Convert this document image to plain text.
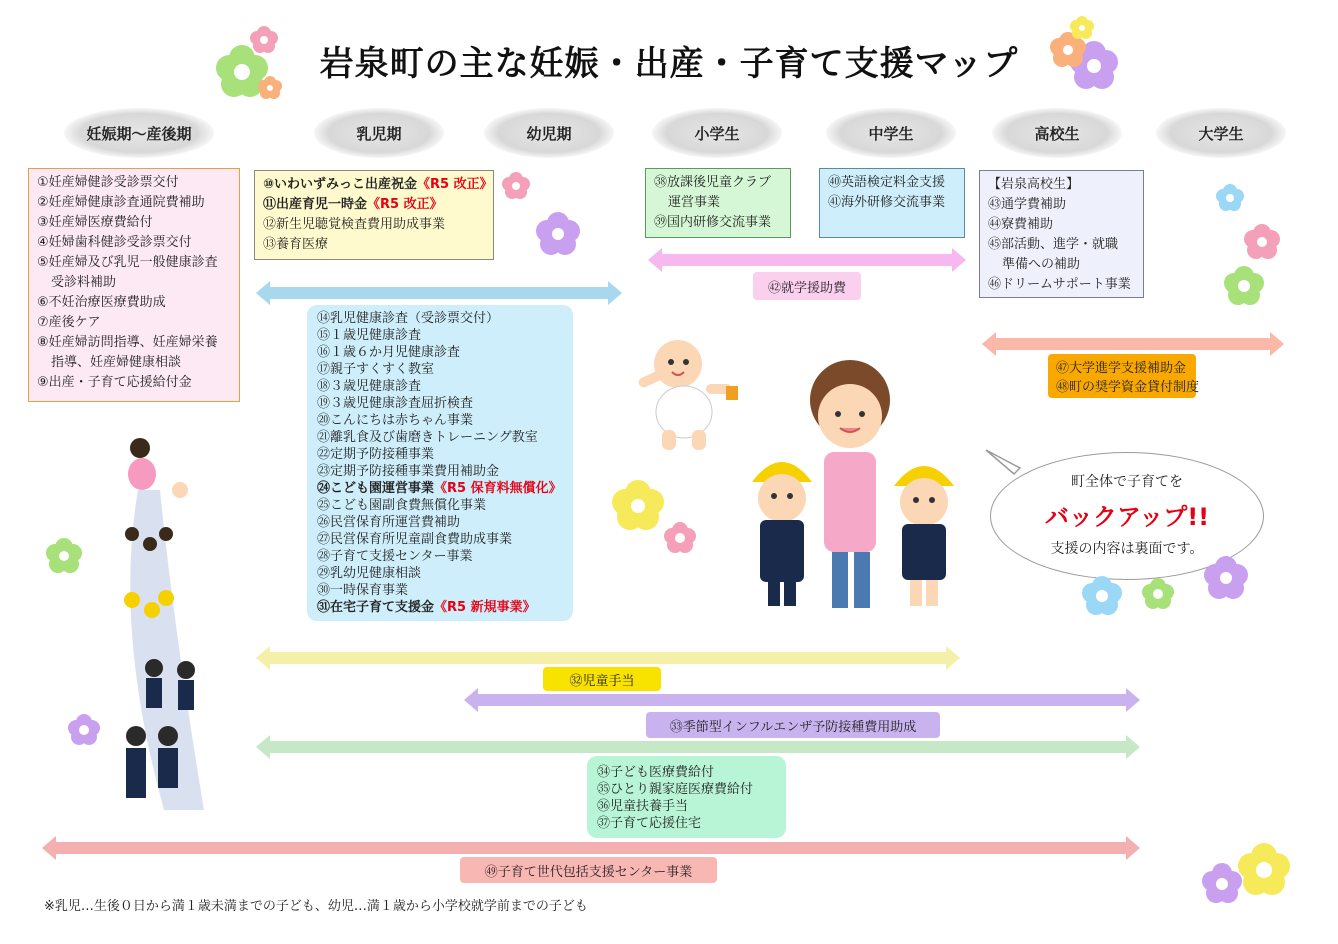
岩泉町の主な妊娠・出産・子育て支援マップ
妊娠期～産後期	乳児期	幼児期	小学生	中学生	高校生	大学生
①妊産婦健診受診票交付
②妊産婦健康診査通院費補助
③妊産婦医療費給付
④妊婦歯科健診受診票交付
⑤妊産婦及び乳児一般健康診査
受診料補助
⑥不妊治療医療費助成
⑦産後ケア
⑧妊産婦訪問指導、妊産婦栄養
指導、妊産婦健康相談
⑨出産・子育て応援給付金
⑩いわいずみっこ出産祝金《R5 改正》
⑪出産育児一時金《R5 改正》
⑫新生児聴覚検査費用助成事業
⑬養育医療
㊳放課後児童クラブ
運営事業
㊴国内研修交流事業
㊵英語検定料金支援
㊶海外研修交流事業
【岩泉高校生】
㊸通学費補助
㊹寮費補助
㊺部活動、進学・就職
準備への補助
㊻ドリームサポート事業
㊷就学援助費
⑭乳児健康診査（受診票交付）
⑮１歳児健康診査
⑯１歳６か月児健康診査
⑰親子すくすく教室
⑱３歳児健康診査
⑲３歳児健康診査屈折検査
⑳こんにちは赤ちゃん事業
㉑離乳食及び歯磨きトレーニング教室
㉒定期予防接種事業
㉓定期予防接種事業費用補助金
㉔こども園運営事業《R5 保育料無償化》
㉕こども園副食費無償化事業
㉖民営保育所運営費補助
㉗民営保育所児童副食費助成事業
㉘子育て支援センター事業
㉙乳幼児健康相談
㉚一時保育事業
㉛在宅子育て支援金《R5 新規事業》
㊼大学進学支援補助金
㊽町の奨学資金貸付制度
町全体で子育てを
バックアップ!!
支援の内容は裏面です。
㉜児童手当
㉝季節型インフルエンザ予防接種費用助成
㉞子ども医療費給付
㉟ひとり親家庭医療費給付
㊱児童扶養手当
㊲子育て応援住宅
㊾子育て世代包括支援センター事業
※乳児…生後０日から満１歳未満までの子ども、幼児…満１歳から小学校就学前までの子ども
